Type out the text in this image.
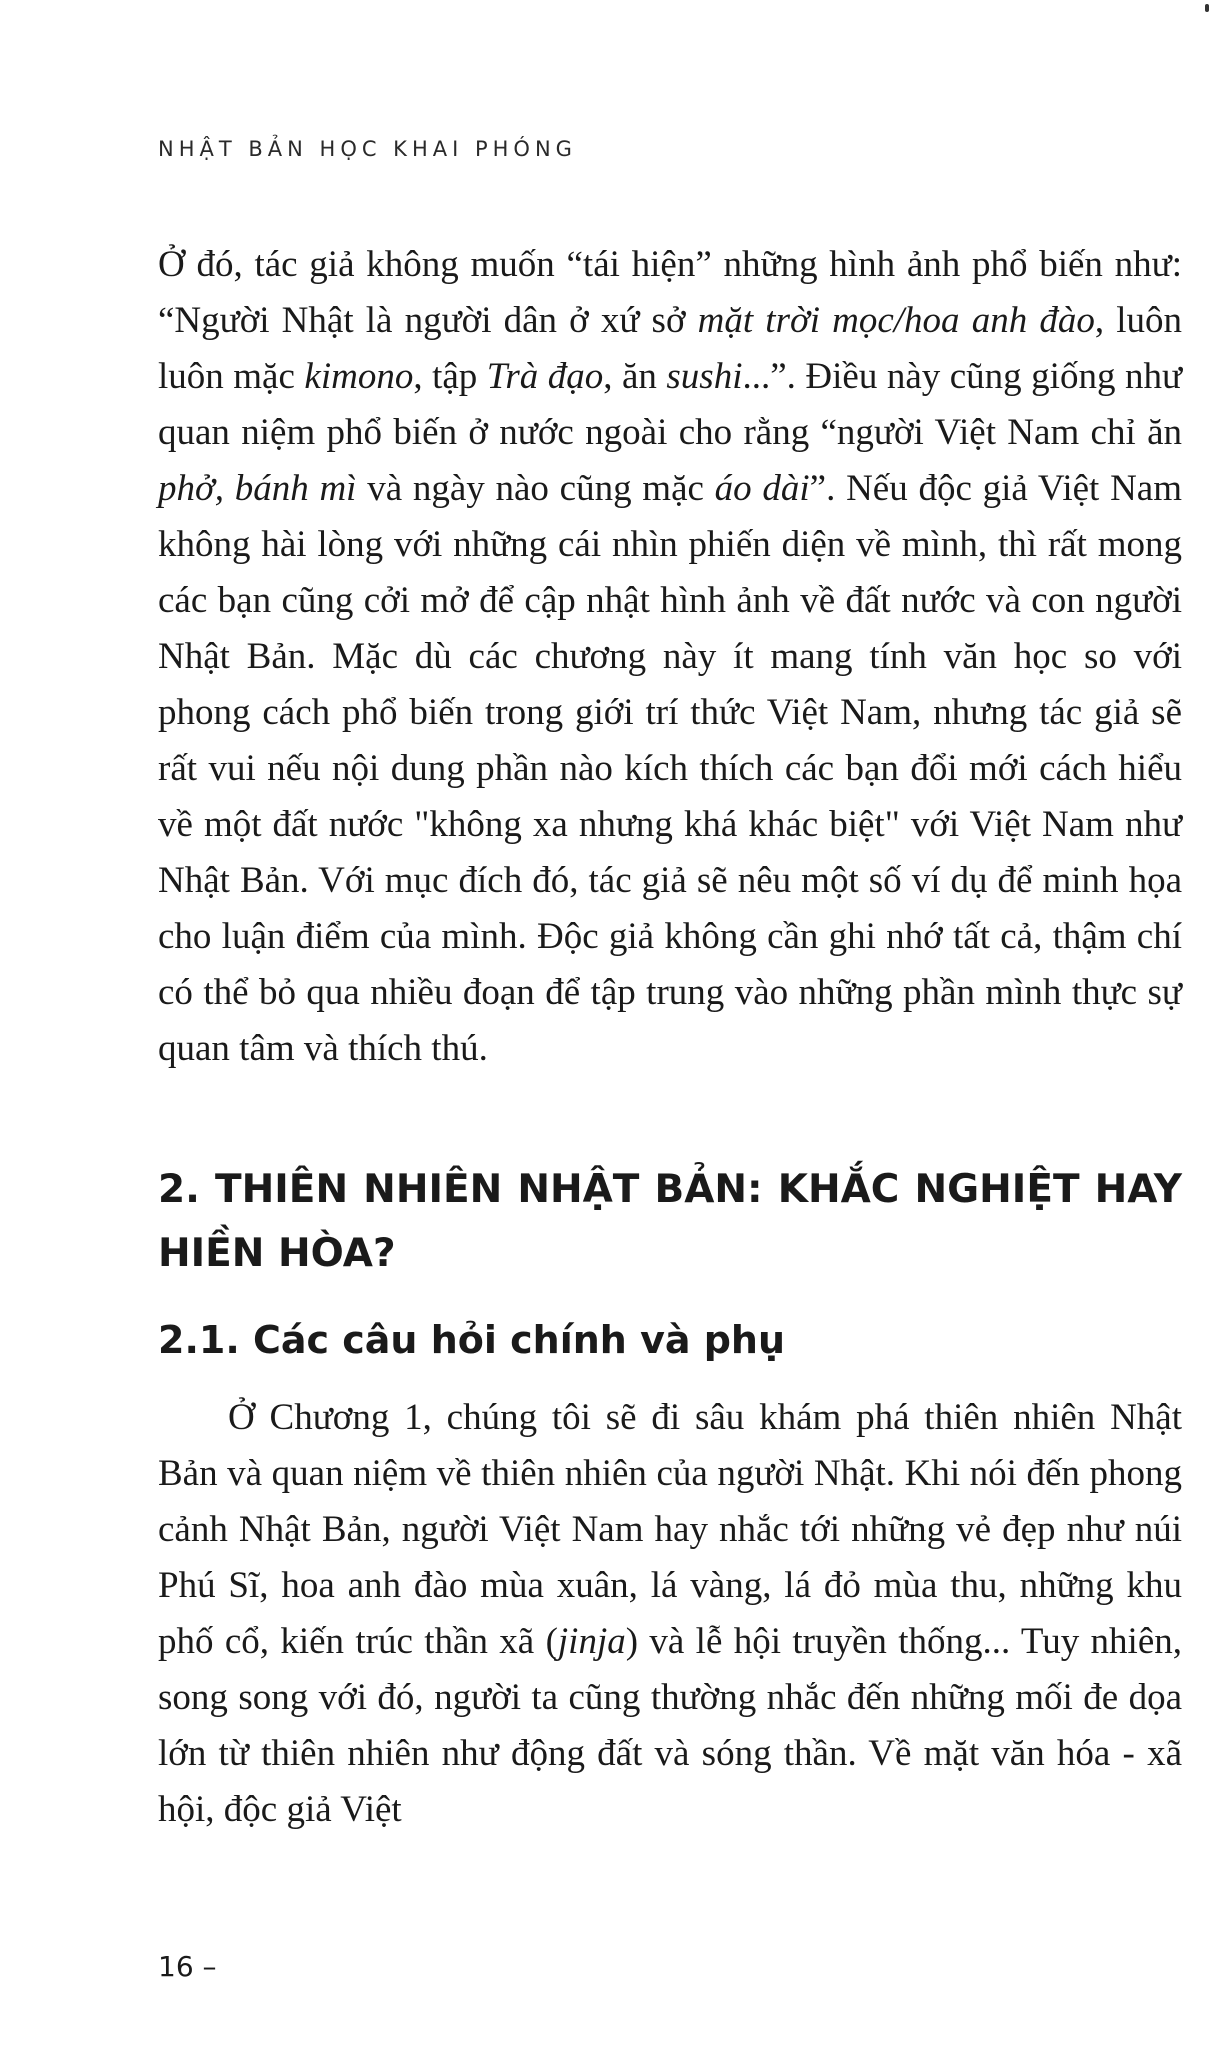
NHẬT BẢN HỌC KHAI PHÓNG
Ở đó, tác giả không muốn “tái hiện” những hình ảnh phổ biến như: “Người Nhật là người dân ở xứ sở mặt trời mọc/hoa anh đào, luôn luôn mặc kimono, tập Trà đạo, ăn sushi...”. Điều này cũng giống như quan niệm phổ biến ở nước ngoài cho rằng “người Việt Nam chỉ ăn phở, bánh mì và ngày nào cũng mặc áo dài”. Nếu độc giả Việt Nam không hài lòng với những cái nhìn phiến diện về mình, thì rất mong các bạn cũng cởi mở để cập nhật hình ảnh về đất nước và con người Nhật Bản. Mặc dù các chương này ít mang tính văn học so với phong cách phổ biến trong giới trí thức Việt Nam, nhưng tác giả sẽ rất vui nếu nội dung phần nào kích thích các bạn đổi mới cách hiểu về một đất nước "không xa nhưng khá khác biệt" với Việt Nam như Nhật Bản. Với mục đích đó, tác giả sẽ nêu một số ví dụ để minh họa cho luận điểm của mình. Độc giả không cần ghi nhớ tất cả, thậm chí có thể bỏ qua nhiều đoạn để tập trung vào những phần mình thực sự quan tâm và thích thú.
2. THIÊN NHIÊN NHẬT BẢN: KHẮC NGHIỆT HAY HIỀN HÒA?
2.1. Các câu hỏi chính và phụ
Ở Chương 1, chúng tôi sẽ đi sâu khám phá thiên nhiên Nhật Bản và quan niệm về thiên nhiên của người Nhật. Khi nói đến phong cảnh Nhật Bản, người Việt Nam hay nhắc tới những vẻ đẹp như núi Phú Sĩ, hoa anh đào mùa xuân, lá vàng, lá đỏ mùa thu, những khu phố cổ, kiến trúc thần xã (jinja) và lễ hội truyền thống... Tuy nhiên, song song với đó, người ta cũng thường nhắc đến những mối đe dọa lớn từ thiên nhiên như động đất và sóng thần. Về mặt văn hóa - xã hội, độc giả Việt
16 –
